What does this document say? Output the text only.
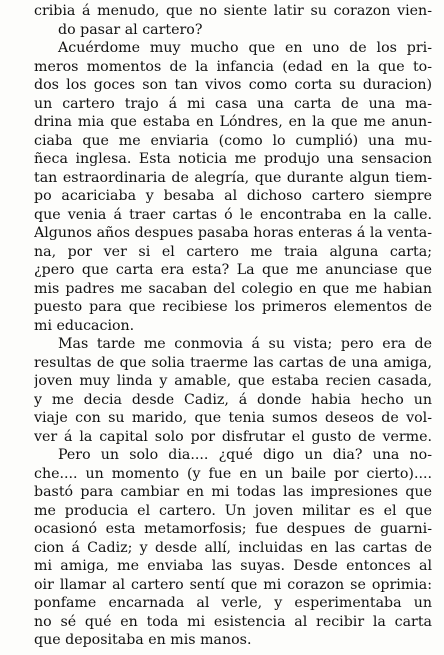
cribia á menudo, que no siente latir su corazon vien-
do pasar al cartero?
Acuérdome muy mucho que en uno de los pri-
meros momentos de la infancia (edad en la que to-
dos los goces son tan vivos como corta su duracion)
un cartero trajo á mi casa una carta de una ma-
drina mia que estaba en Lóndres, en la que me anun-
ciaba que me enviaria (como lo cumplió) una mu-
ñeca inglesa. Esta noticia me produjo una sensacion
tan estraordinaria de alegría, que durante algun tiem-
po acariciaba y besaba al dichoso cartero siempre
que venia á traer cartas ó le encontraba en la calle.
Algunos años despues pasaba horas enteras á la venta-
na, por ver si el cartero me traia alguna carta;
¿pero que carta era esta? La que me anunciase que
mis padres me sacaban del colegio en que me habian
puesto para que recibiese los primeros elementos de
mi educacion.
Mas tarde me conmovia á su vista; pero era de
resultas de que solia traerme las cartas de una amiga,
joven muy linda y amable, que estaba recien casada,
y me decia desde Cadiz, á donde habia hecho un
viaje con su marido, que tenia sumos deseos de vol-
ver á la capital solo por disfrutar el gusto de verme.
Pero un solo dia.... ¿qué digo un dia? una no-
che.... un momento (y fue en un baile por cierto)....
bastó para cambiar en mi todas las impresiones que
me producia el cartero. Un joven militar es el que
ocasionó esta metamorfosis; fue despues de guarni-
cion á Cadiz; y desde allí, incluidas en las cartas de
mi amiga, me enviaba las suyas. Desde entonces al
oir llamar al cartero sentí que mi corazon se oprimia:
ponfame encarnada al verle, y esperimentaba un
no sé qué en toda mi esistencia al recibir la carta
que depositaba en mis manos.
